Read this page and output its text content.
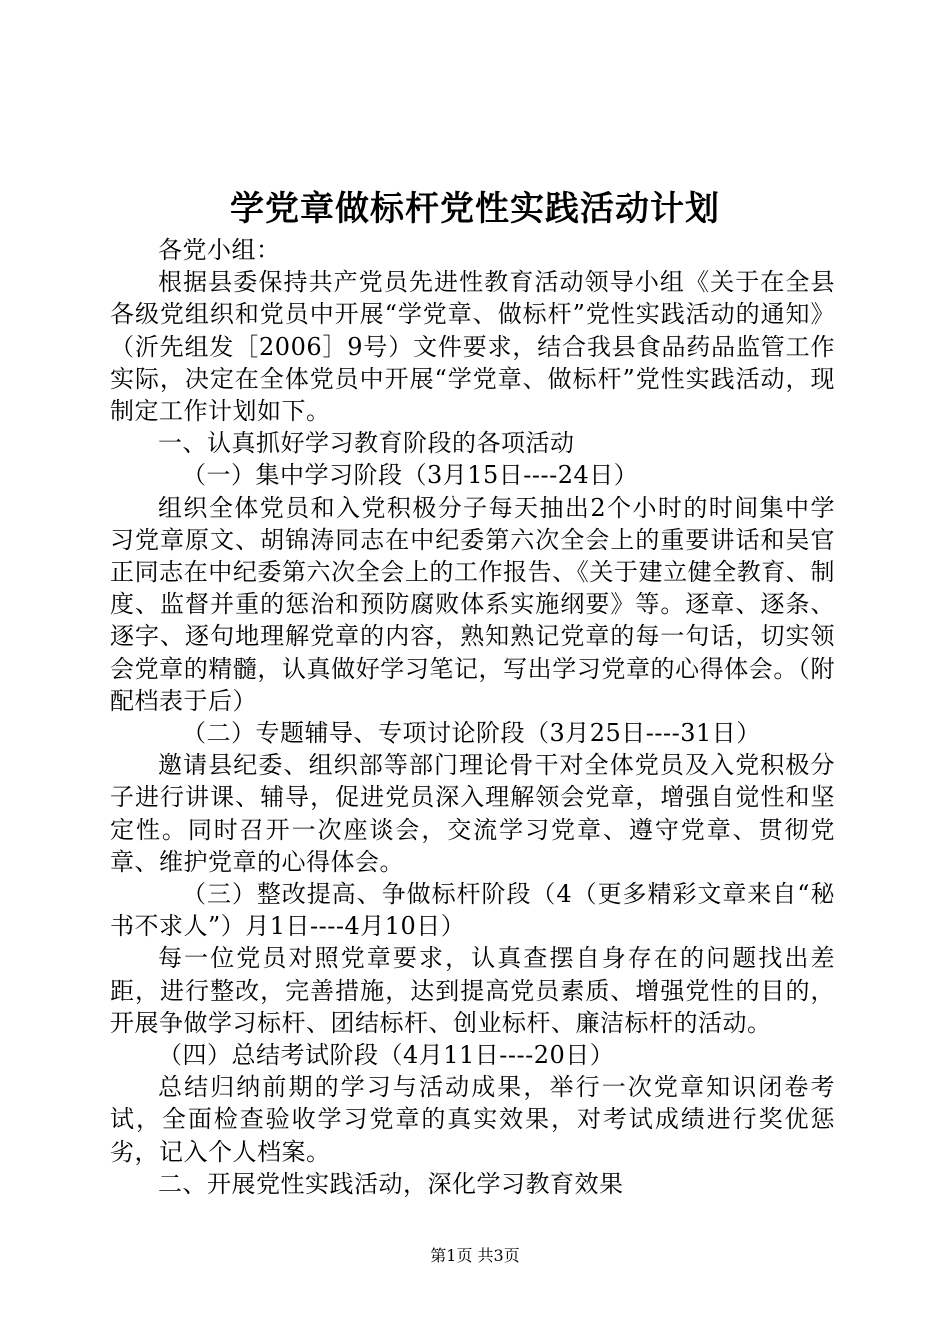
学党章做标杆党性实践活动计划

各党小组：

根据县委保持共产党员先进性教育活动领导小组《关于在全县各级党组织和党员中开展“学党章、做标杆”党性实践活动的通知》（沂先组发［2006］9号）文件要求，结合我县食品药品监管工作实际，决定在全体党员中开展“学党章、做标杆”党性实践活动，现制定工作计划如下。

一、认真抓好学习教育阶段的各项活动

（一）集中学习阶段（3月15日----24日）

组织全体党员和入党积极分子每天抽出2个小时的时间集中学习党章原文、胡锦涛同志在中纪委第六次全会上的重要讲话和吴官正同志在中纪委第六次全会上的工作报告、《关于建立健全教育、制度、监督并重的惩治和预防腐败体系实施纲要》等。逐章、逐条、逐字、逐句地理解党章的内容，熟知熟记党章的每一句话，切实领会党章的精髓，认真做好学习笔记，写出学习党章的心得体会。（附配档表于后）

（二）专题辅导、专项讨论阶段（3月25日----31日）

邀请县纪委、组织部等部门理论骨干对全体党员及入党积极分子进行讲课、辅导，促进党员深入理解领会党章，增强自觉性和坚定性。同时召开一次座谈会，交流学习党章、遵守党章、贯彻党章、维护党章的心得体会。

（三）整改提高、争做标杆阶段（4（更多精彩文章来自“秘书不求人”）月1日----4月10日）

每一位党员对照党章要求，认真查摆自身存在的问题找出差距，进行整改，完善措施，达到提高党员素质、增强党性的目的，开展争做学习标杆、团结标杆、创业标杆、廉洁标杆的活动。

（四）总结考试阶段（4月11日----20日）

总结归纳前期的学习与活动成果，举行一次党章知识闭卷考试，全面检查验收学习党章的真实效果，对考试成绩进行奖优惩劣，记入个人档案。

二、开展党性实践活动，深化学习教育效果

第1页 共3页
